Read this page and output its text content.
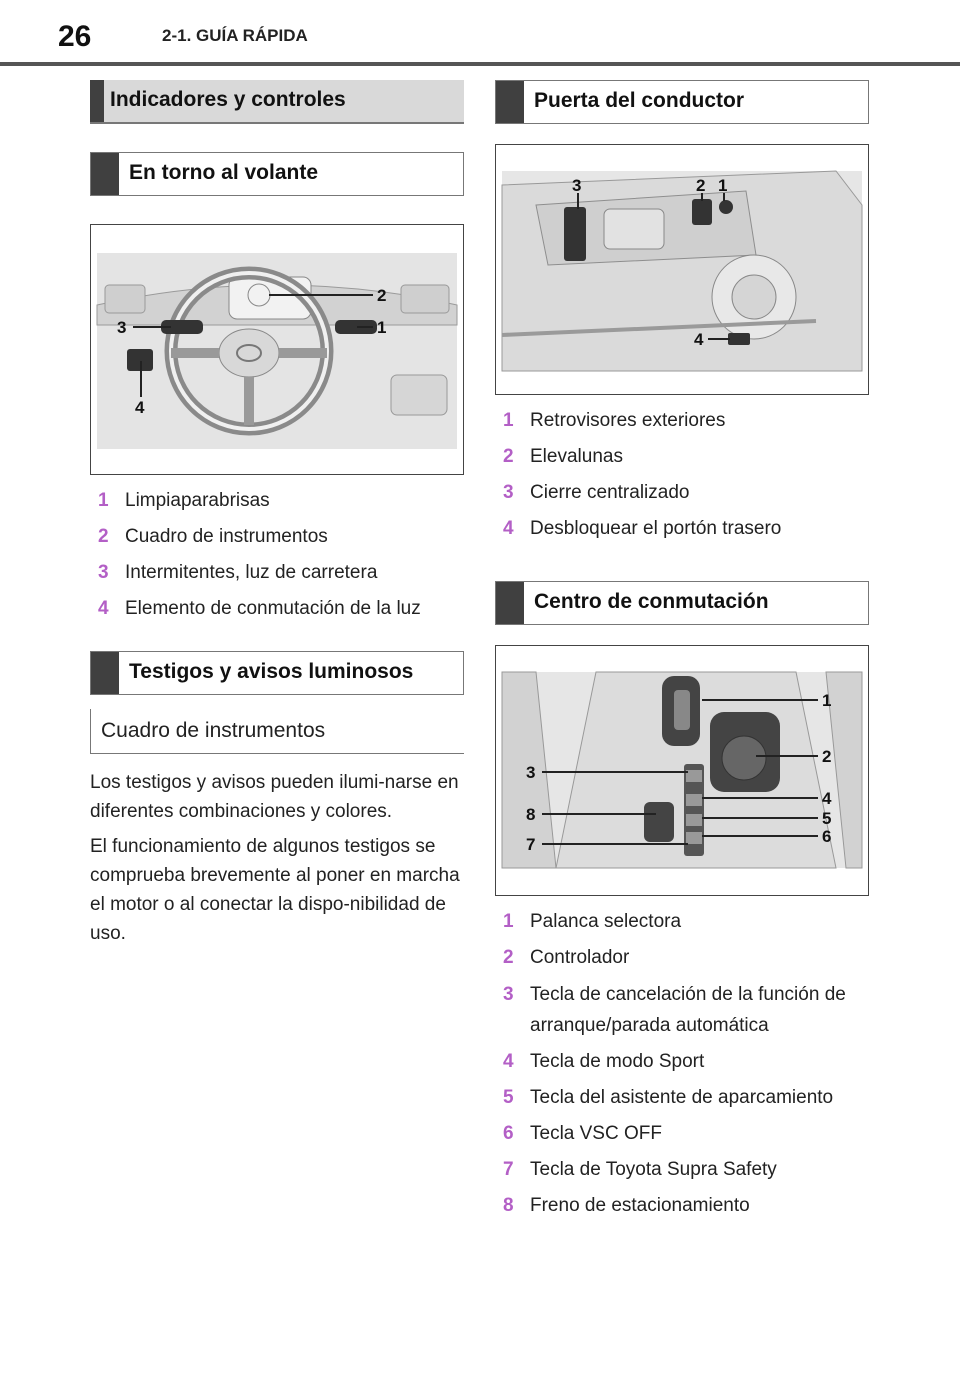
26	2-1. GUÍA RÁPIDA
Indicadores y controles
En torno al volante
2
1
3
4
1 Limpiaparabrisas
2 Cuadro de instrumentos
3 Intermitentes, luz de carretera
4 Elemento de conmutación de la luz
Testigos y avisos luminosos
Cuadro de instrumentos

Los testigos y avisos pueden ilumi-narse en diferentes combinaciones y colores.

El funcionamiento de algunos testigos se comprueba brevemente al poner en marcha el motor o al conectar la dispo-nibilidad de uso.

Puerta del conductor
3	2 1
4
1 Retrovisores exteriores
2 Elevalunas
3 Cierre centralizado
4 Desbloquear el portón trasero
Centro de conmutación
1
2
3
4
5
6
7
8
1 Palanca selectora
2 Controlador
3 Tecla de cancelación de la función de arranque/parada automática
4 Tecla de modo Sport
5 Tecla del asistente de aparcamiento
6 Tecla VSC OFF
7 Tecla de Toyota Supra Safety
8 Freno de estacionamiento
